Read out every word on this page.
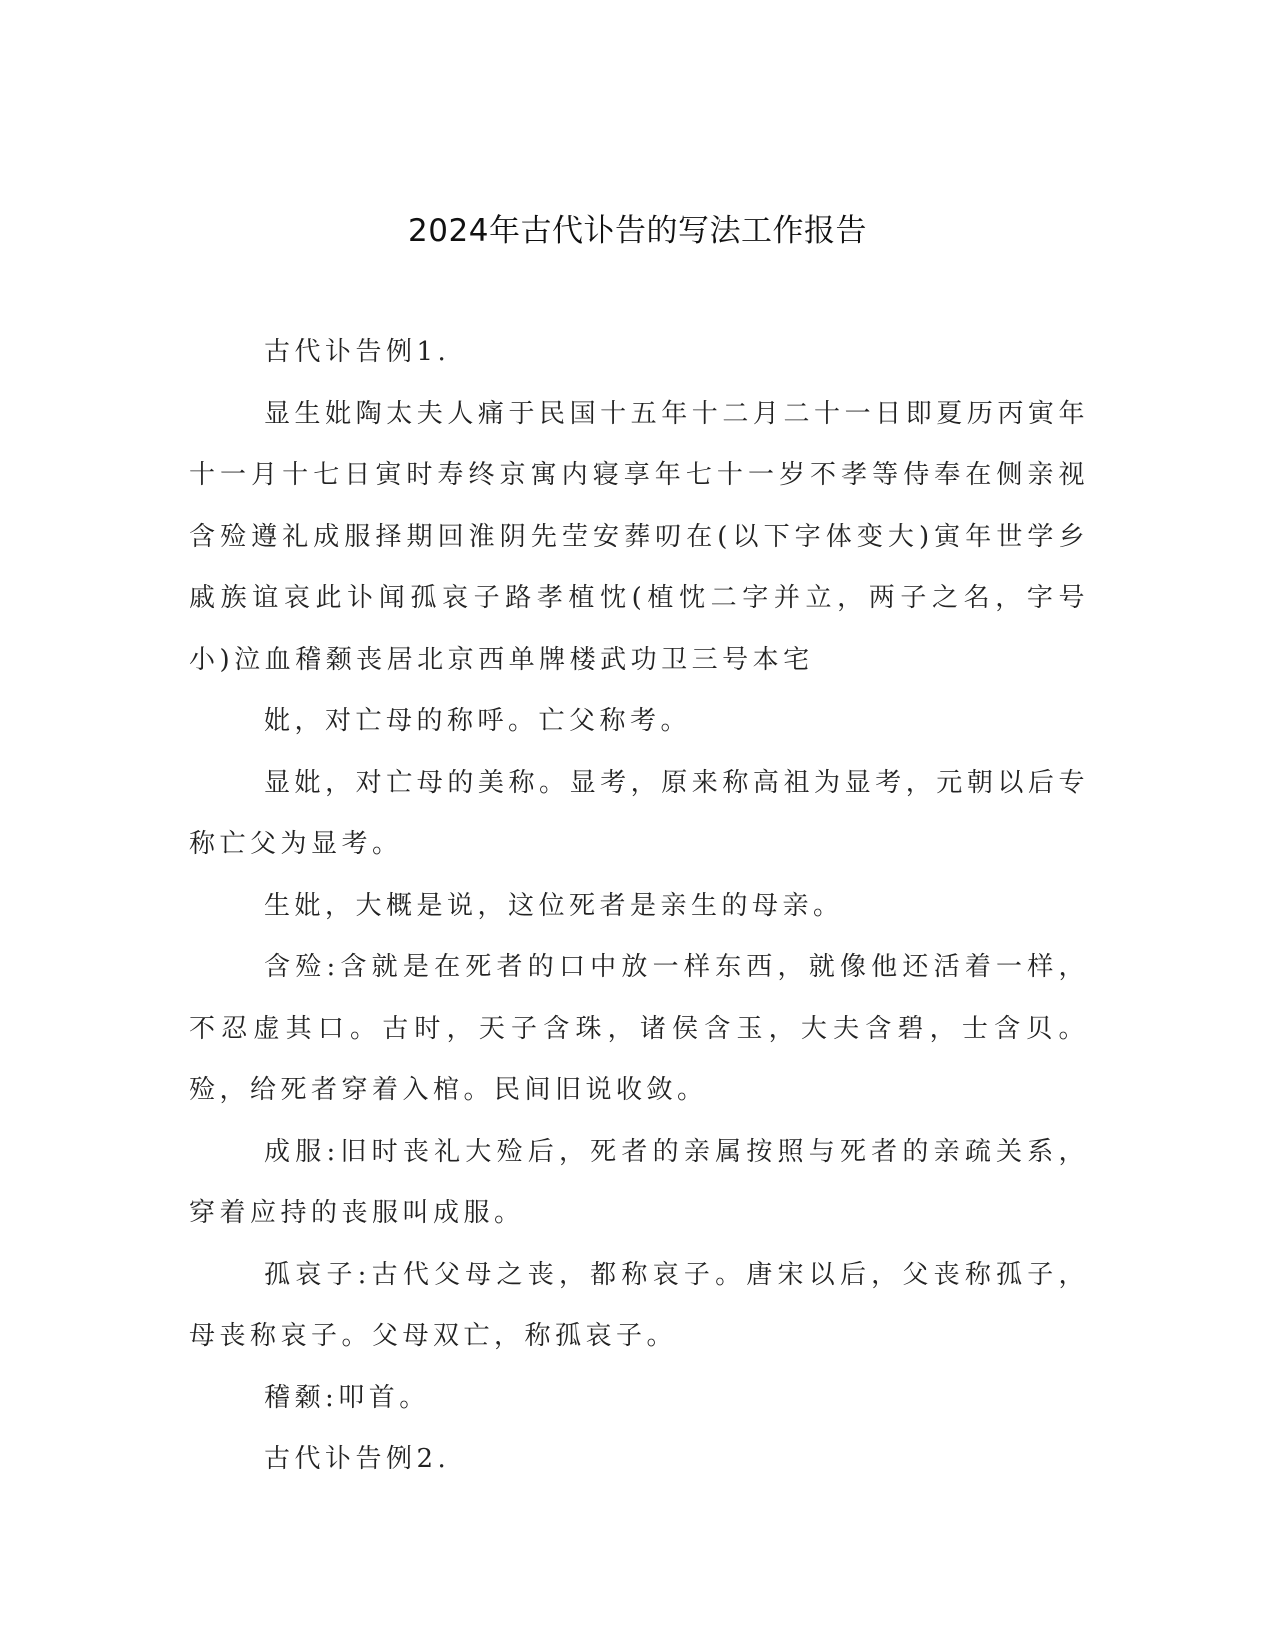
2024年古代讣告的写法工作报告

古代讣告例1.

显生妣陶太夫人痛于民国十五年十二月二十一日即夏历丙寅年十一月十七日寅时寿终京寓内寝享年七十一岁不孝等侍奉在侧亲视含殓遵礼成服择期回淮阴先茔安葬叨在(以下字体变大)寅年世学乡戚族谊哀此讣闻孤哀子路孝植忱(植忱二字并立，两子之名，字号小)泣血稽颡丧居北京西单牌楼武功卫三号本宅

妣，对亡母的称呼。亡父称考。

显妣，对亡母的美称。显考，原来称高祖为显考，元朝以后专称亡父为显考。

生妣，大概是说，这位死者是亲生的母亲。

含殓:含就是在死者的口中放一样东西，就像他还活着一样，不忍虚其口。古时，天子含珠，诸侯含玉，大夫含碧，士含贝。殓，给死者穿着入棺。民间旧说收敛。

成服:旧时丧礼大殓后，死者的亲属按照与死者的亲疏关系，穿着应持的丧服叫成服。

孤哀子:古代父母之丧，都称哀子。唐宋以后，父丧称孤子，母丧称哀子。父母双亡，称孤哀子。

稽颡:叩首。

古代讣告例2.
